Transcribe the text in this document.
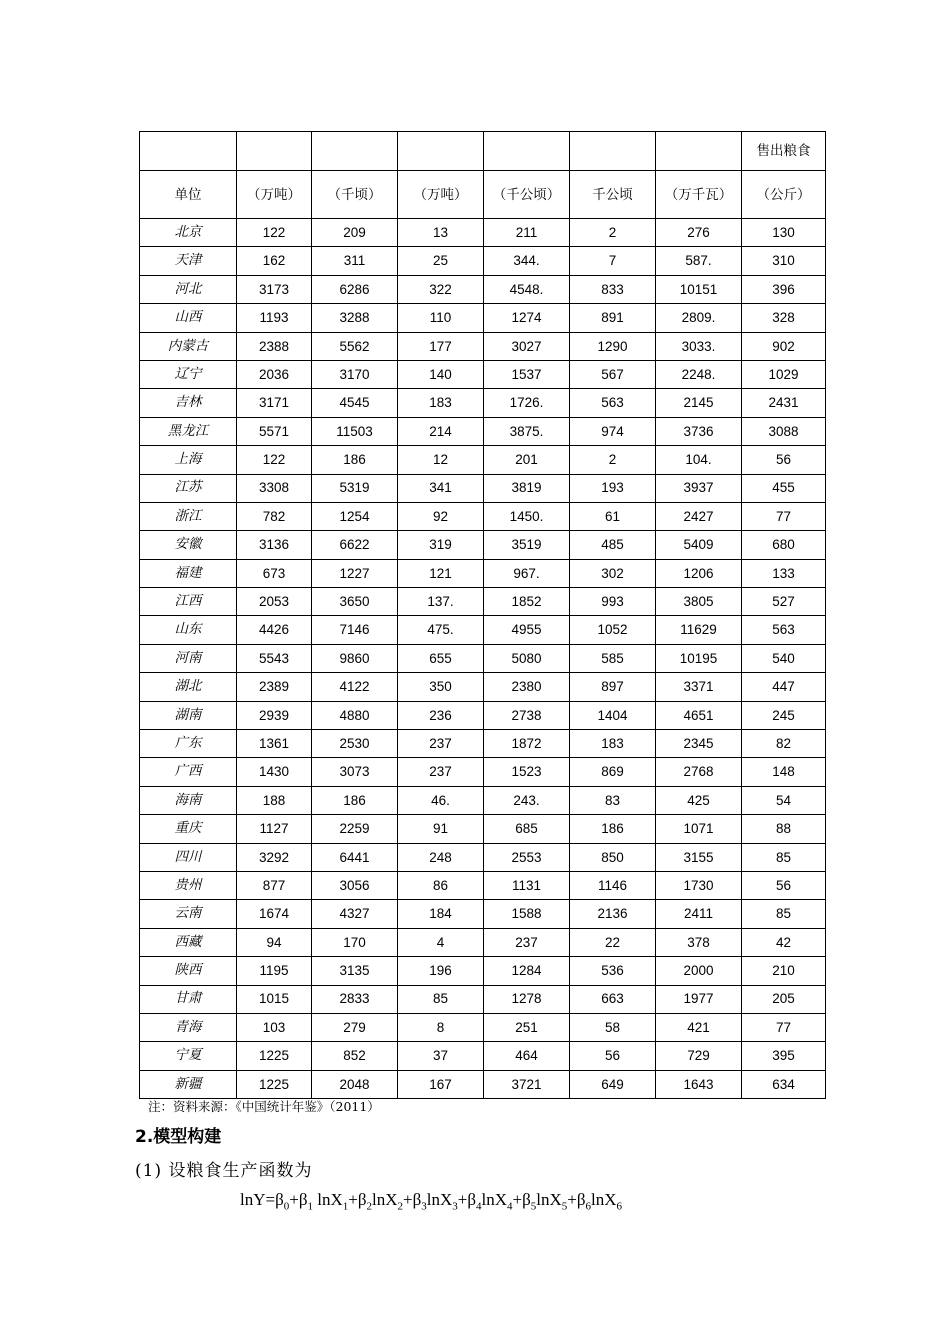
							售出粮食
单位	（万吨）	（千顷）	（万吨）	（千公顷）	千公顷	（万千瓦）	（公斤）
北京	122	209	13	211	2	276	130
天津	162	311	25	344.	7	587.	310
河北	3173	6286	322	4548.	833	10151	396
山西	1193	3288	110	1274	891	2809.	328
内蒙古	2388	5562	177	3027	1290	3033.	902
辽宁	2036	3170	140	1537	567	2248.	1029
吉林	3171	4545	183	1726.	563	2145	2431
黑龙江	5571	11503	214	3875.	974	3736	3088
上海	122	186	12	201	2	104.	56
江苏	3308	5319	341	3819	193	3937	455
浙江	782	1254	92	1450.	61	2427	77
安徽	3136	6622	319	3519	485	5409	680
福建	673	1227	121	967.	302	1206	133
江西	2053	3650	137.	1852	993	3805	527
山东	4426	7146	475.	4955	1052	11629	563
河南	5543	9860	655	5080	585	10195	540
湖北	2389	4122	350	2380	897	3371	447
湖南	2939	4880	236	2738	1404	4651	245
广东	1361	2530	237	1872	183	2345	82
广西	1430	3073	237	1523	869	2768	148
海南	188	186	46.	243.	83	425	54
重庆	1127	2259	91	685	186	1071	88
四川	3292	6441	248	2553	850	3155	85
贵州	877	3056	86	1131	1146	1730	56
云南	1674	4327	184	1588	2136	2411	85
西藏	94	170	4	237	22	378	42
陕西	1195	3135	196	1284	536	2000	210
甘肃	1015	2833	85	1278	663	1977	205
青海	103	279	8	251	58	421	77
宁夏	1225	852	37	464	56	729	395
新疆	1225	2048	167	3721	649	1643	634
注：资料来源：《中国统计年鉴》（2011）
2.模型构建
(1) 设粮食生产函数为
$\ln Y=\beta_0+\beta_1$ $\ln X_1+\beta_2\ln X_2+\beta_3\ln X_3+\beta_4\ln X_4+\beta_5\ln X_5+\beta_6\ln X_6$
